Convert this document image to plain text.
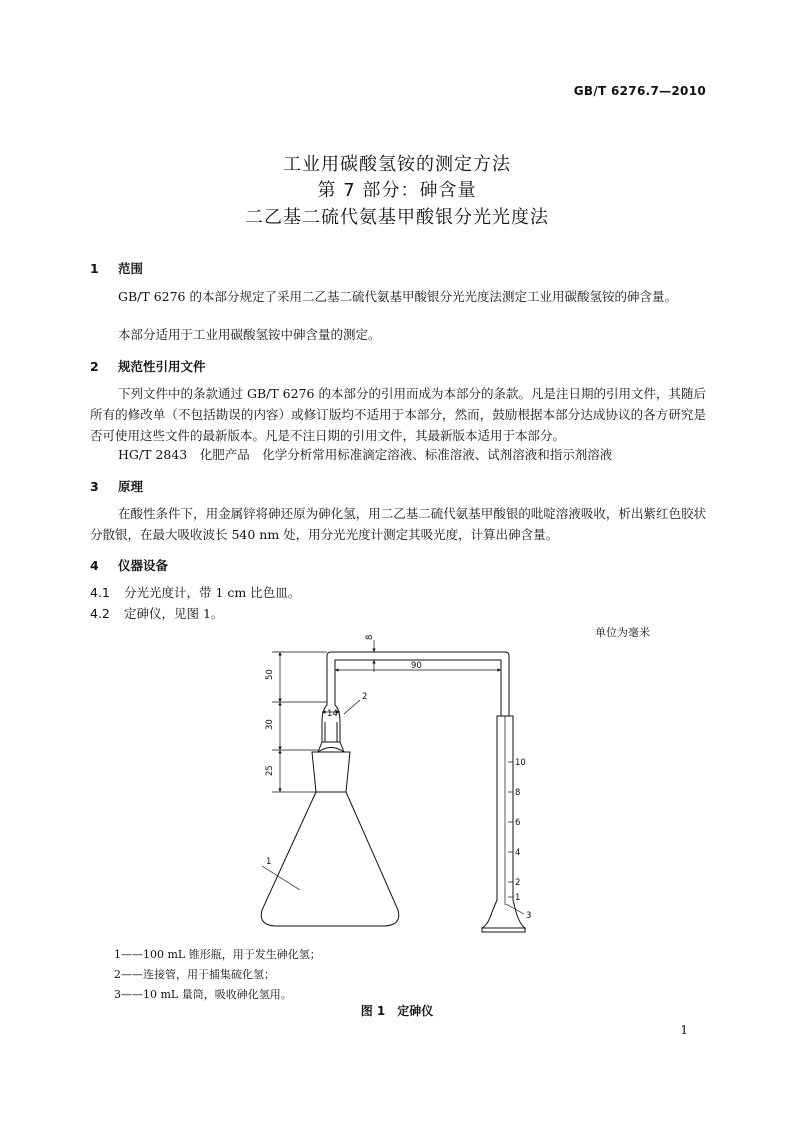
GB/T 6276.7—2010
工业用碳酸氢铵的测定方法
第 7 部分：砷含量
二乙基二硫代氨基甲酸银分光光度法
1 范围
GB/T 6276 的本部分规定了采用二乙基二硫代氨基甲酸银分光光度法测定工业用碳酸氢铵的砷含量。
本部分适用于工业用碳酸氢铵中砷含量的测定。
2 规范性引用文件
下列文件中的条款通过 GB/T 6276 的本部分的引用而成为本部分的条款。凡是注日期的引用文件，其随后所有的修改单（不包括勘误的内容）或修订版均不适用于本部分，然而，鼓励根据本部分达成协议的各方研究是否可使用这些文件的最新版本。凡是不注日期的引用文件，其最新版本适用于本部分。
HG/T 2843　化肥产品　化学分析常用标准滴定溶液、标准溶液、试剂溶液和指示剂溶液
3 原理
在酸性条件下，用金属锌将砷还原为砷化氢，用二乙基二硫代氨基甲酸银的吡啶溶液吸收，析出紫红色胶状分散银，在最大吸收波长 540 nm 处，用分光光度计测定其吸光度，计算出砷含量。
4 仪器设备
4.1 分光光度计，带 1 cm 比色皿。
4.2 定砷仪，见图 1。
单位为毫米
8
90
50
30
25
14
1
2
3
10
8
6
4
2
1
1——100 mL 锥形瓶，用于发生砷化氢；
2——连接管，用于捕集硫化氢；
3——10 mL 量筒，吸收砷化氢用。
图 1 定砷仪
1
